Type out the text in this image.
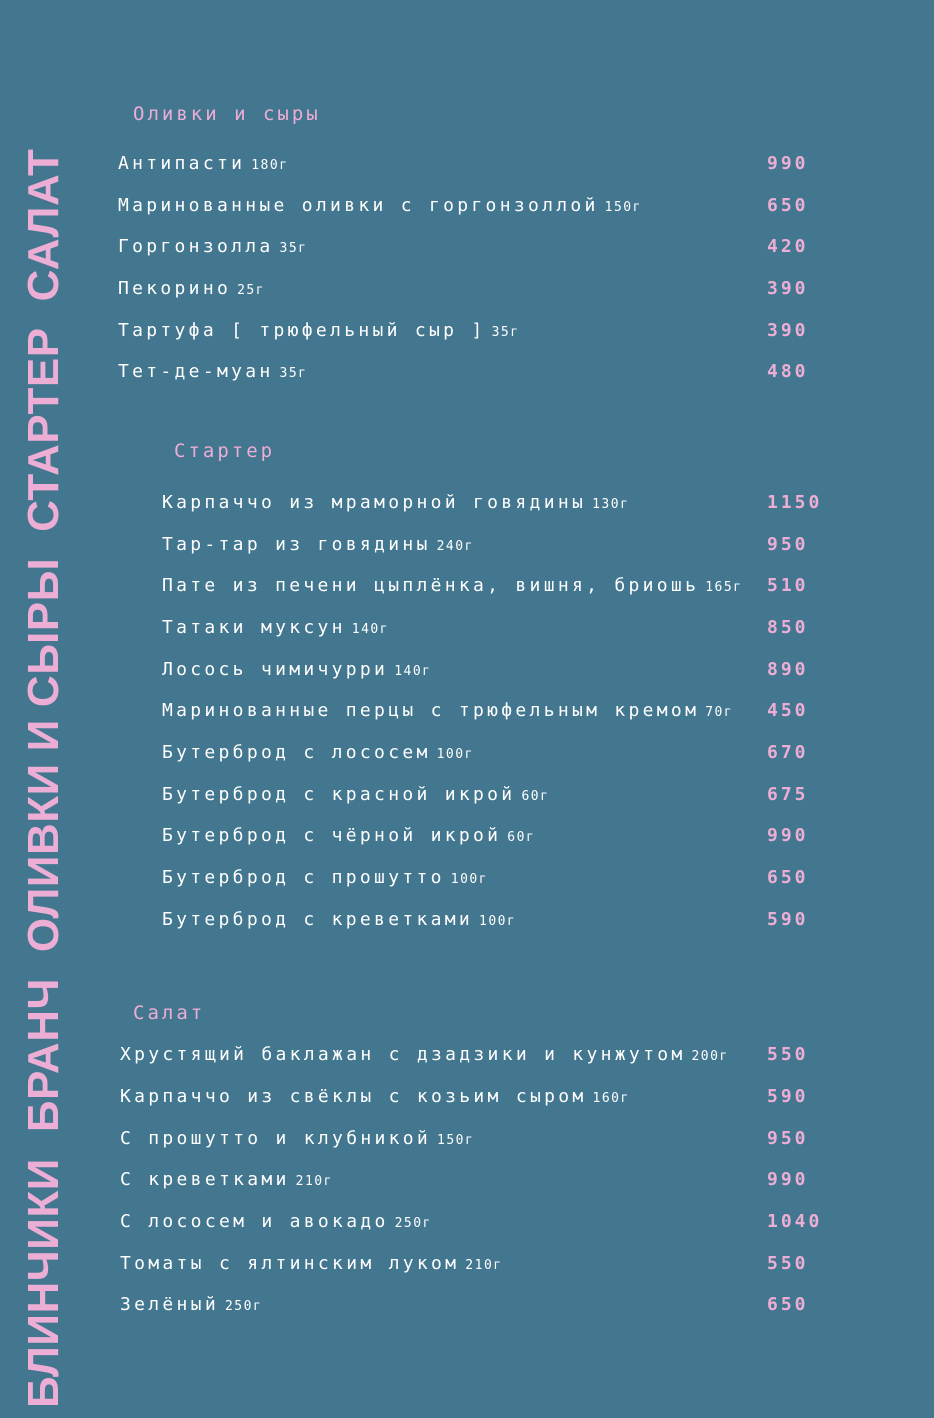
БЛИНЧИКИ
БРАНЧ
ОЛИВКИ
И
СЫРЫ
СТАРТЕР
САЛАТ
Оливки и сыры
Антипасти 180г	990
Маринованные оливки с горгонзоллой 150г	650
Горгонзолла 35г	420
Пекорино 25г	390
Тартуфа [ трюфельный сыр ] 35г	390
Тет-де-муан 35г	480
Стартер
Карпаччо из мраморной говядины 130г	1150
Тар-тар из говядины 240г	950
Пате из печени цыплёнка, вишня, бриошь 165г 510
Татаки муксун 140г	850
Лосось чимичурри 140г	890
Маринованные перцы с трюфельным кремом 70г 450
Бутерброд с лососем 100г	670
Бутерброд с красной икрой 60г	675
Бутерброд с чёрной икрой 60г	990
Бутерброд с прошутто 100г	650
Бутерброд с креветками 100г	590
Салат
Хрустящий баклажан с дзадзики и кунжутом 200г 550
Карпаччо из свёклы с козьим сыром 160г	590
С прошутто и клубникой 150г	950
С креветками 210г	990
С лососем и авокадо 250г	1040
Томаты с ялтинским луком 210г	550
Зелёный 250г	650
